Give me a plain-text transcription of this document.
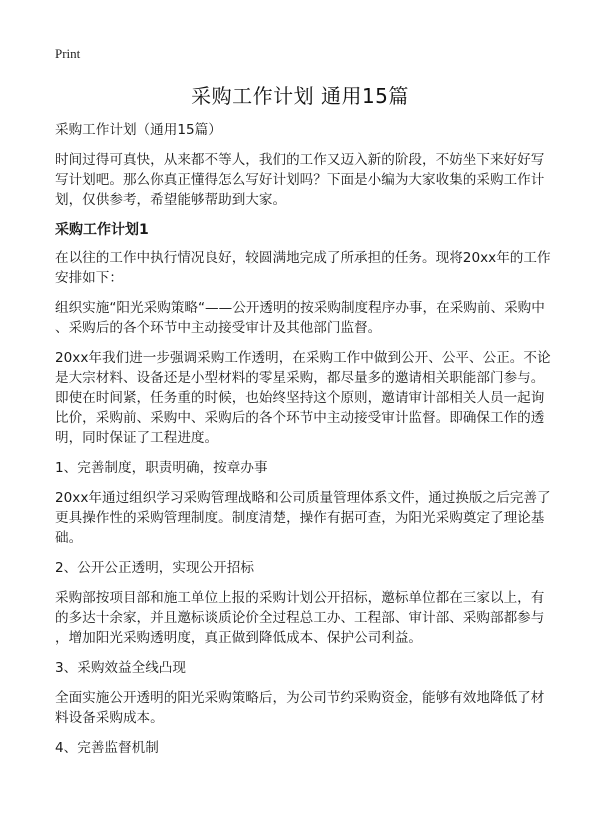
Print
采购工作计划 通用15篇

采购工作计划（通用15篇）

时间过得可真快，从来都不等人，我们的工作又迈入新的阶段，不妨坐下来好好写
写计划吧。那么你真正懂得怎么写好计划吗？下面是小编为大家收集的采购工作计
划，仅供参考，希望能够帮助到大家。

采购工作计划1

在以往的工作中执行情况良好，较圆满地完成了所承担的任务。现将20xx年的工作
安排如下：

组织实施“阳光采购策略“——公开透明的按采购制度程序办事，在采购前、采购中
、采购后的各个环节中主动接受审计及其他部门监督。

20xx年我们进一步强调采购工作透明，在采购工作中做到公开、公平、公正。不论
是大宗材料、设备还是小型材料的零星采购，都尽量多的邀请相关职能部门参与。
即使在时间紧，任务重的时候，也始终坚持这个原则，邀请审计部相关人员一起询
比价，采购前、采购中、采购后的各个环节中主动接受审计监督。即确保工作的透
明，同时保证了工程进度。

1、完善制度，职责明确，按章办事

20xx年通过组织学习采购管理战略和公司质量管理体系文件，通过换版之后完善了
更具操作性的采购管理制度。制度清楚，操作有据可查，为阳光采购奠定了理论基
础。

2、公开公正透明，实现公开招标

采购部按项目部和施工单位上报的采购计划公开招标，邀标单位都在三家以上，有
的多达十余家，并且邀标谈质论价全过程总工办、工程部、审计部、采购部都参与
，增加阳光采购透明度，真正做到降低成本、保护公司利益。

3、采购效益全线凸现

全面实施公开透明的阳光采购策略后，为公司节约采购资金，能够有效地降低了材
料设备采购成本。

4、完善监督机制
